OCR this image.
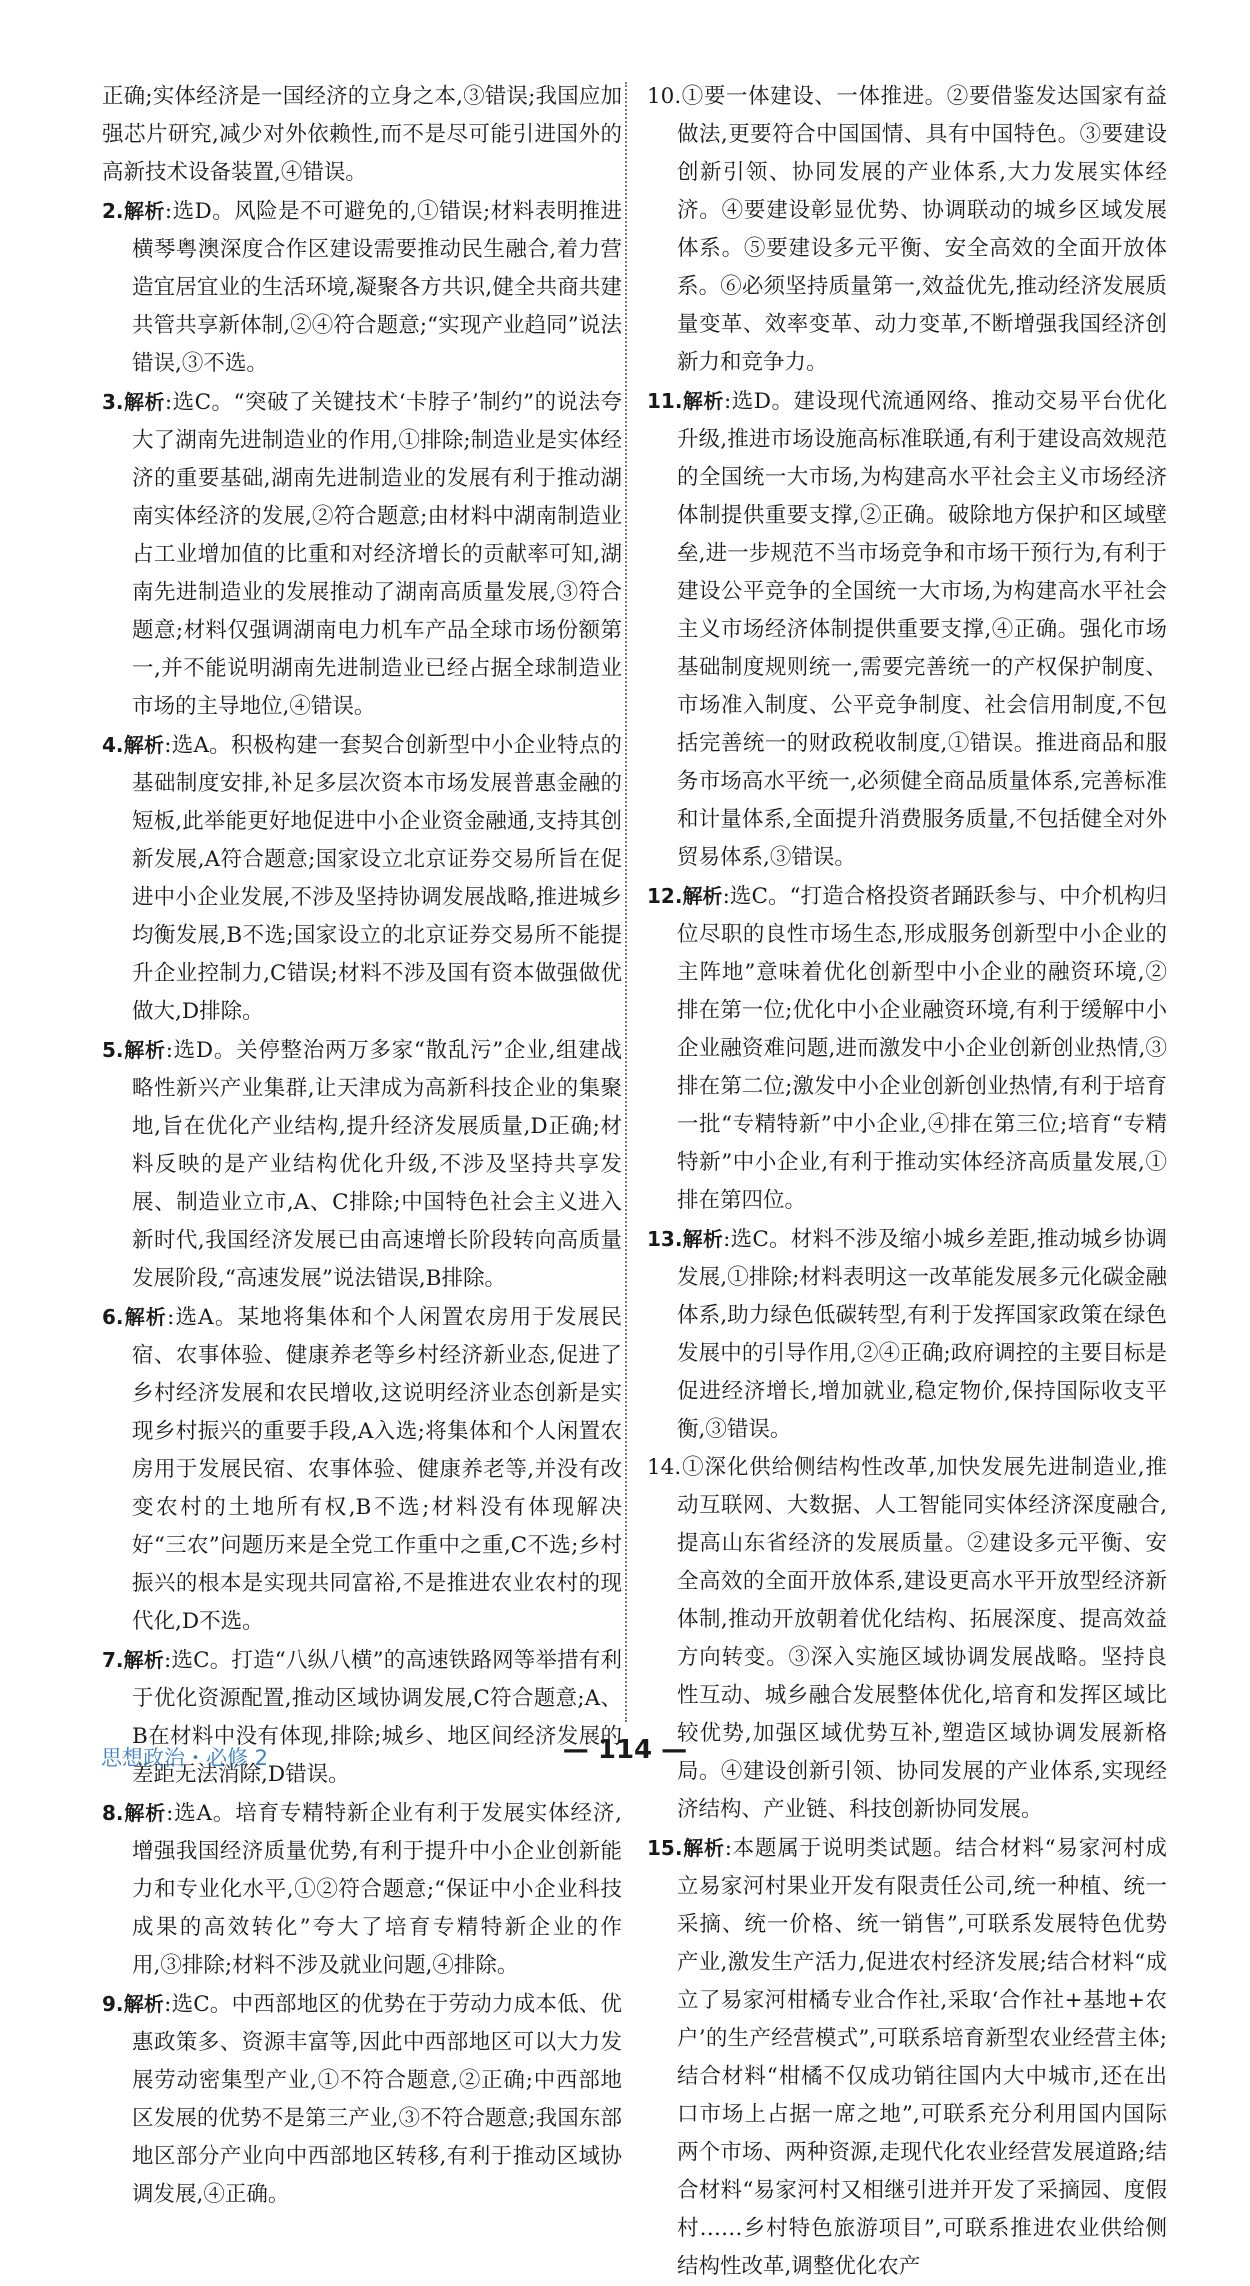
正确;实体经济是一国经济的立身之本,③错误;我国应加强芯片研究,减少对外依赖性,而不是尽可能引进国外的高新技术设备装置,④错误。

2.解析:选D。风险是不可避免的,①错误;材料表明推进横琴粤澳深度合作区建设需要推动民生融合,着力营造宜居宜业的生活环境,凝聚各方共识,健全共商共建共管共享新体制,②④符合题意;“实现产业趋同”说法错误,③不选。

3.解析:选C。“突破了关键技术‘卡脖子’制约”的说法夸大了湖南先进制造业的作用,①排除;制造业是实体经济的重要基础,湖南先进制造业的发展有利于推动湖南实体经济的发展,②符合题意;由材料中湖南制造业占工业增加值的比重和对经济增长的贡献率可知,湖南先进制造业的发展推动了湖南高质量发展,③符合题意;材料仅强调湖南电力机车产品全球市场份额第一,并不能说明湖南先进制造业已经占据全球制造业市场的主导地位,④错误。

4.解析:选A。积极构建一套契合创新型中小企业特点的基础制度安排,补足多层次资本市场发展普惠金融的短板,此举能更好地促进中小企业资金融通,支持其创新发展,A符合题意;国家设立北京证券交易所旨在促进中小企业发展,不涉及坚持协调发展战略,推进城乡均衡发展,B不选;国家设立的北京证券交易所不能提升企业控制力,C错误;材料不涉及国有资本做强做优做大,D排除。

5.解析:选D。关停整治两万多家“散乱污”企业,组建战略性新兴产业集群,让天津成为高新科技企业的集聚地,旨在优化产业结构,提升经济发展质量,D正确;材料反映的是产业结构优化升级,不涉及坚持共享发展、制造业立市,A、C排除;中国特色社会主义进入新时代,我国经济发展已由高速增长阶段转向高质量发展阶段,“高速发展”说法错误,B排除。

6.解析:选A。某地将集体和个人闲置农房用于发展民宿、农事体验、健康养老等乡村经济新业态,促进了乡村经济发展和农民增收,这说明经济业态创新是实现乡村振兴的重要手段,A入选;将集体和个人闲置农房用于发展民宿、农事体验、健康养老等,并没有改变农村的土地所有权,B不选;材料没有体现解决好“三农”问题历来是全党工作重中之重,C不选;乡村振兴的根本是实现共同富裕,不是推进农业农村的现代化,D不选。

7.解析:选C。打造“八纵八横”的高速铁路网等举措有利于优化资源配置,推动区域协调发展,C符合题意;A、B在材料中没有体现,排除;城乡、地区间经济发展的差距无法消除,D错误。

8.解析:选A。培育专精特新企业有利于发展实体经济,增强我国经济质量优势,有利于提升中小企业创新能力和专业化水平,①②符合题意;“保证中小企业科技成果的高效转化”夸大了培育专精特新企业的作用,③排除;材料不涉及就业问题,④排除。

9.解析:选C。中西部地区的优势在于劳动力成本低、优惠政策多、资源丰富等,因此中西部地区可以大力发展劳动密集型产业,①不符合题意,②正确;中西部地区发展的优势不是第三产业,③不符合题意;我国东部地区部分产业向中西部地区转移,有利于推动区域协调发展,④正确。

10.①要一体建设、一体推进。②要借鉴发达国家有益做法,更要符合中国国情、具有中国特色。③要建设创新引领、协同发展的产业体系,大力发展实体经济。④要建设彰显优势、协调联动的城乡区域发展体系。⑤要建设多元平衡、安全高效的全面开放体系。⑥必须坚持质量第一,效益优先,推动经济发展质量变革、效率变革、动力变革,不断增强我国经济创新力和竞争力。

11.解析:选D。建设现代流通网络、推动交易平台优化升级,推进市场设施高标准联通,有利于建设高效规范的全国统一大市场,为构建高水平社会主义市场经济体制提供重要支撑,②正确。破除地方保护和区域壁垒,进一步规范不当市场竞争和市场干预行为,有利于建设公平竞争的全国统一大市场,为构建高水平社会主义市场经济体制提供重要支撑,④正确。强化市场基础制度规则统一,需要完善统一的产权保护制度、市场准入制度、公平竞争制度、社会信用制度,不包括完善统一的财政税收制度,①错误。推进商品和服务市场高水平统一,必须健全商品质量体系,完善标准和计量体系,全面提升消费服务质量,不包括健全对外贸易体系,③错误。

12.解析:选C。“打造合格投资者踊跃参与、中介机构归位尽职的良性市场生态,形成服务创新型中小企业的主阵地”意味着优化创新型中小企业的融资环境,②排在第一位;优化中小企业融资环境,有利于缓解中小企业融资难问题,进而激发中小企业创新创业热情,③排在第二位;激发中小企业创新创业热情,有利于培育一批“专精特新”中小企业,④排在第三位;培育“专精特新”中小企业,有利于推动实体经济高质量发展,①排在第四位。

13.解析:选C。材料不涉及缩小城乡差距,推动城乡协调发展,①排除;材料表明这一改革能发展多元化碳金融体系,助力绿色低碳转型,有利于发挥国家政策在绿色发展中的引导作用,②④正确;政府调控的主要目标是促进经济增长,增加就业,稳定物价,保持国际收支平衡,③错误。

14.①深化供给侧结构性改革,加快发展先进制造业,推动互联网、大数据、人工智能同实体经济深度融合,提高山东省经济的发展质量。②建设多元平衡、安全高效的全面开放体系,建设更高水平开放型经济新体制,推动开放朝着优化结构、拓展深度、提高效益方向转变。③深入实施区域协调发展战略。坚持良性互动、城乡融合发展整体优化,培育和发挥区域比较优势,加强区域优势互补,塑造区域协调发展新格局。④建设创新引领、协同发展的产业体系,实现经济结构、产业链、科技创新协同发展。

15.解析:本题属于说明类试题。结合材料“易家河村成立易家河村果业开发有限责任公司,统一种植、统一采摘、统一价格、统一销售”,可联系发展特色优势产业,激发生产活力,促进农村经济发展;结合材料“成立了易家河柑橘专业合作社,采取‘合作社+基地+农户’的生产经营模式”,可联系培育新型农业经营主体;结合材料“柑橘不仅成功销往国内大中城市,还在出口市场上占据一席之地”,可联系充分利用国内国际两个市场、两种资源,走现代化农业经营发展道路;结合材料“易家河村又相继引进并开发了采摘园、度假村……乡村特色旅游项目”,可联系推进农业供给侧结构性改革,调整优化农产

思想政治・必修 2	— 114 —
